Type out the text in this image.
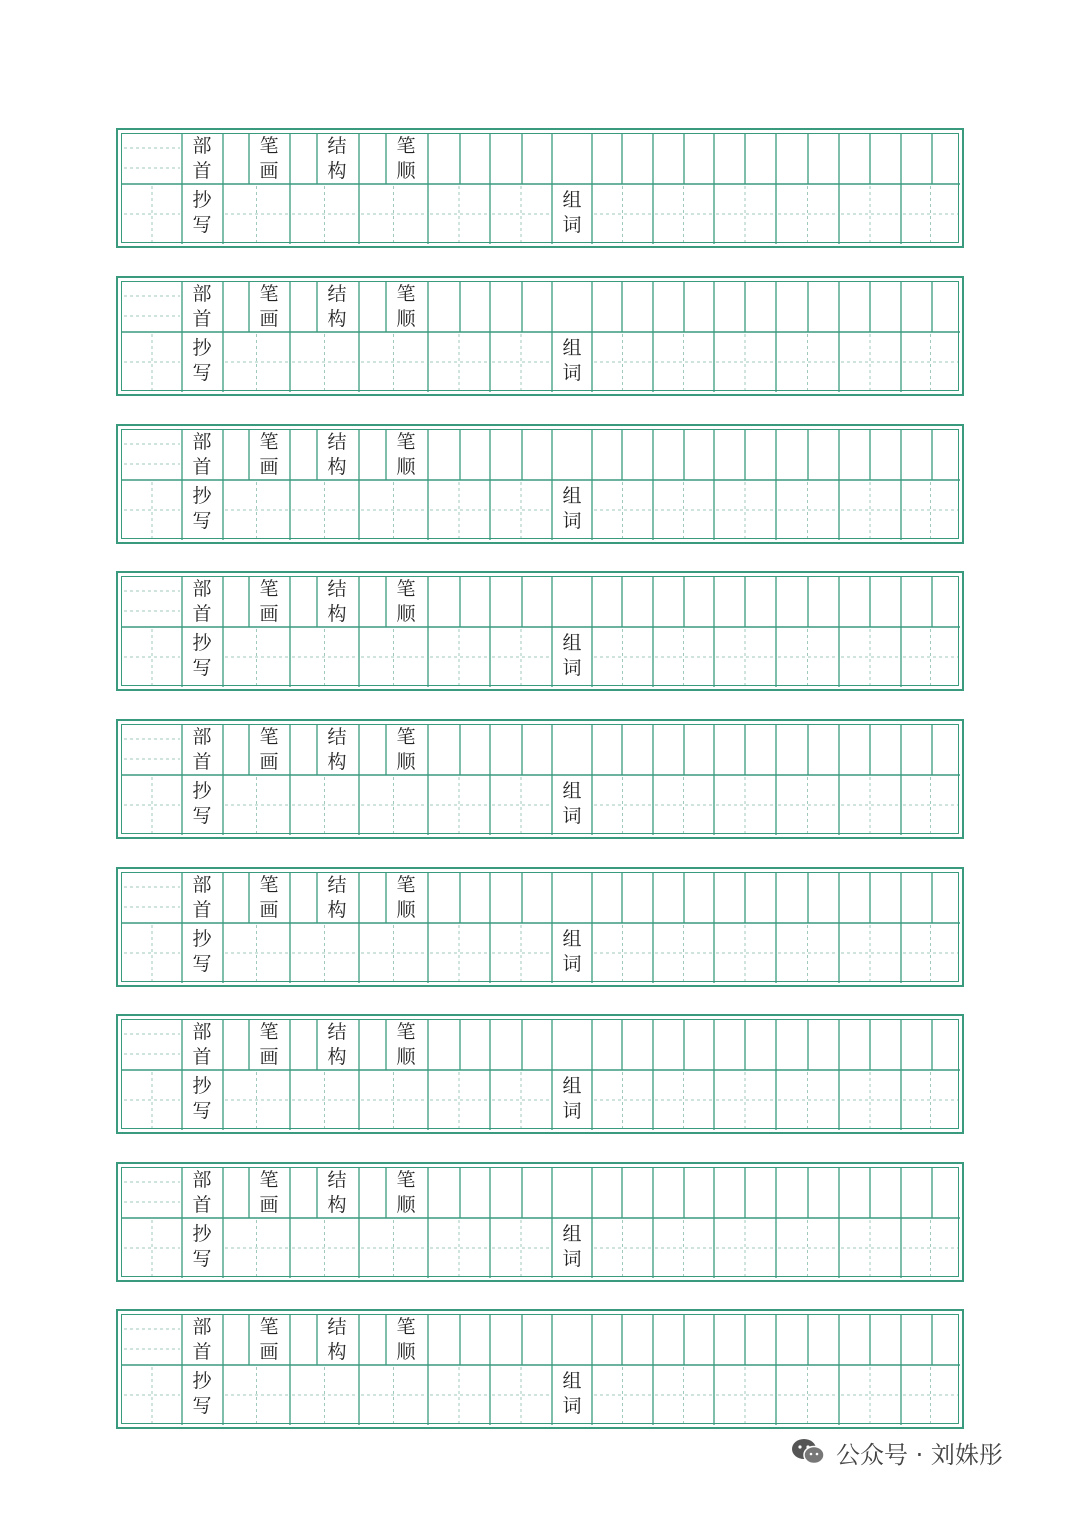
部
首
笔
画
结
构
笔
顺
抄
写
组
词
部
首
笔
画
结
构
笔
顺
抄
写
组
词
部
首
笔
画
结
构
笔
顺
抄
写
组
词
部
首
笔
画
结
构
笔
顺
抄
写
组
词
部
首
笔
画
结
构
笔
顺
抄
写
组
词
部
首
笔
画
结
构
笔
顺
抄
写
组
词
部
首
笔
画
结
构
笔
顺
抄
写
组
词
部
首
笔
画
结
构
笔
顺
抄
写
组
词
部
首
笔
画
结
构
笔
顺
抄
写
组
词
公众号 · 刘姝彤
